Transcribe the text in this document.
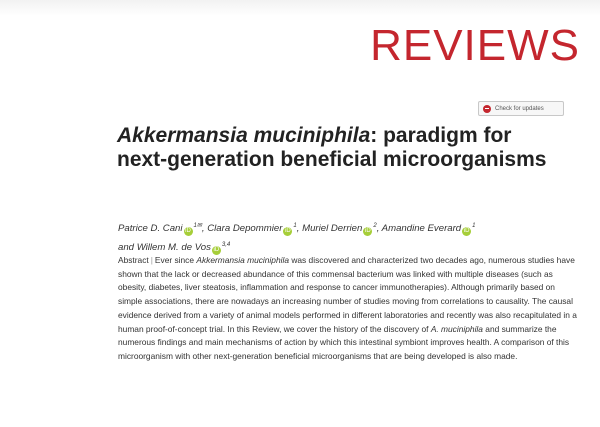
REVIEWS
Check for updates
Akkermansia muciniphila: paradigm for next-generation beneficial microorganisms
Patrice D. Cani $iD^{1✉}$, Clara Depommier $iD^1$, Muriel Derrien $iD^2$, Amandine Everard $iD^1$
and Willem M. de Vos iD$^{3,4}$

Abstract | Ever since Akkermansia muciniphila was discovered and characterized two decades ago, numerous studies have shown that the lack or decreased abundance of this commensal bacterium was linked with multiple diseases (such as obesity, diabetes, liver steatosis, inflammation and response to cancer immunotherapies). Although primarily based on simple associations, there are nowadays an increasing number of studies moving from correlations to causality. The causal evidence derived from a variety of animal models performed in different laboratories and recently was also recapitulated in a human proof-of-concept trial. In this Review, we cover the history of the discovery of A. muciniphila and summarize the numerous findings and main mechanisms of action by which this intestinal symbiont improves health. A comparison of this microorganism with other next-generation beneficial microorganisms that are being developed is also made.
